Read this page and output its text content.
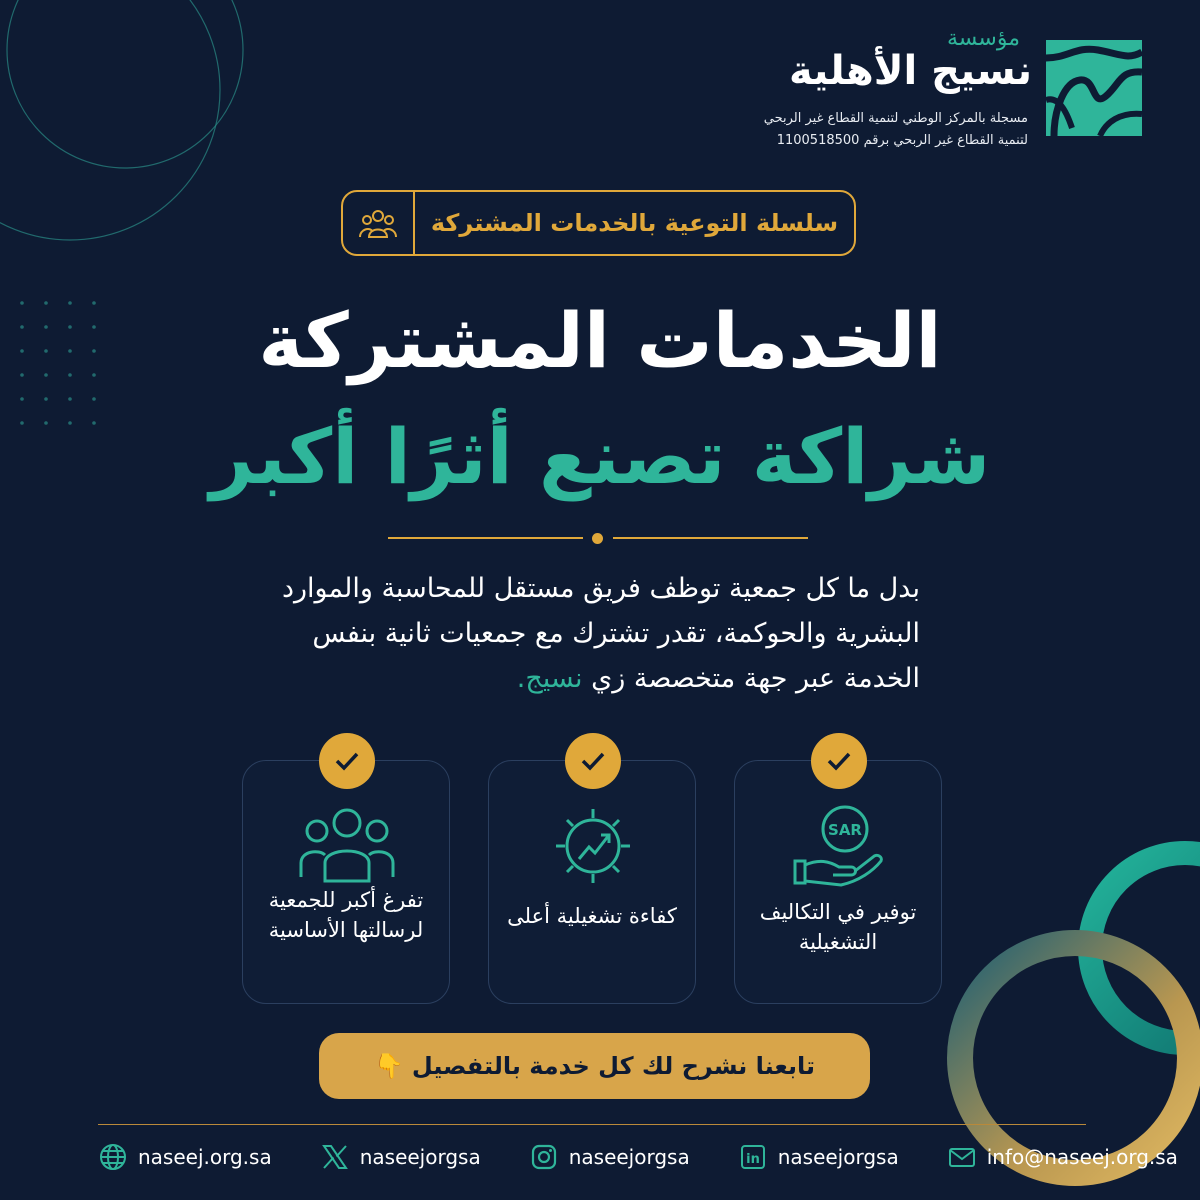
مؤسسة
نسيج الأهلية
مسجلة بالمركز الوطني لتنمية القطاع غير الربحي
لتنمية القطاع غير الربحي برقم 1100518500
سلسلة التوعية بالخدمات المشتركة
الخدمات المشتركة
شراكة تصنع أثرًا أكبر
بدل ما كل جمعية توظف فريق مستقل للمحاسبة والموارد البشرية والحوكمة، تقدر تشترك مع جمعيات ثانية بنفس الخدمة عبر جهة متخصصة زي نسيج.
SAR
توفير في التكاليف التشغيلية
كفاءة تشغيلية أعلى
تفرغ أكبر للجمعية لرسالتها الأساسية
تابعنا نشرح لك كل خدمة بالتفصيل
👇
naseej.org.sa	naseejorgsa	naseejorgsa	in naseejorgsa	info@naseej.org.sa
